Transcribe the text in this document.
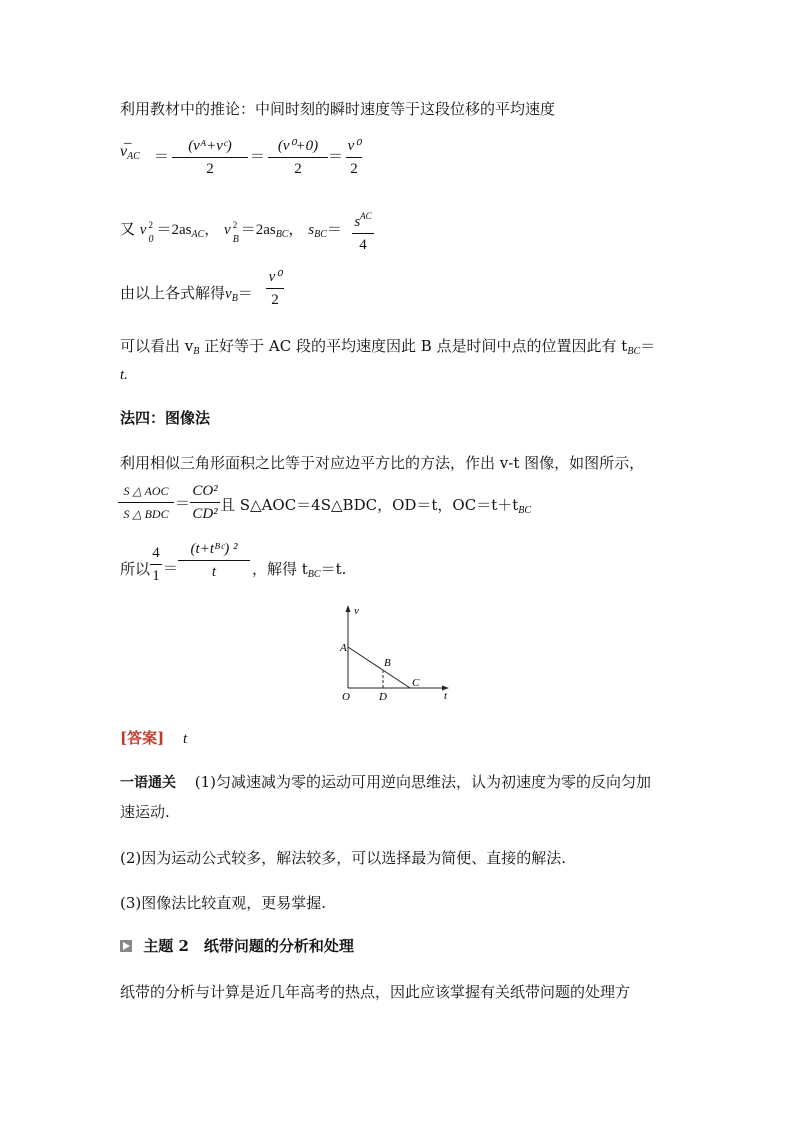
利用教材中的推论：中间时刻的瞬时速度等于这段位移的平均速度
–
$v_{AC}$ ＝
(vᴬ+vᶜ)
2
＝
(v⁰+0)
2
＝
v⁰
2
又 v 2
0
$=2as_{AC}$， v 2
B
$=2as_{BC}$， $s_{BC}= s^{AC}$
4
由以上各式解得$v_B=$
v⁰
2
可以看出 $v_B$ 正好等于 AC 段的平均速度因此 B 点是时间中点的位置因此有 $t_{BC}=$
t.
法四：图像法
利用相似三角形面积之比等于对应边平方比的方法，作出 v-t 图像，如图所示，
S △ AOC
S △ BDC
＝
CO²
CD² 且 S△AOC＝4S△BDC，OD＝t，$OC=t+t_{BC}$
所以
4
1 ＝
(t+tᴮᶜ) ²
t	，解得 $t_{BC}=t$.
v
t
O
A
B
C
D
[答案] t
一语通关 (1)匀减速减为零的运动可用逆向思维法，认为初速度为零的反向匀加
速运动.
(2)因为运动公式较多，解法较多，可以选择最为简便、直接的解法.
(3)图像法比较直观，更易掌握.
主题 2　纸带问题的分析和处理
纸带的分析与计算是近几年高考的热点，因此应该掌握有关纸带问题的处理方
